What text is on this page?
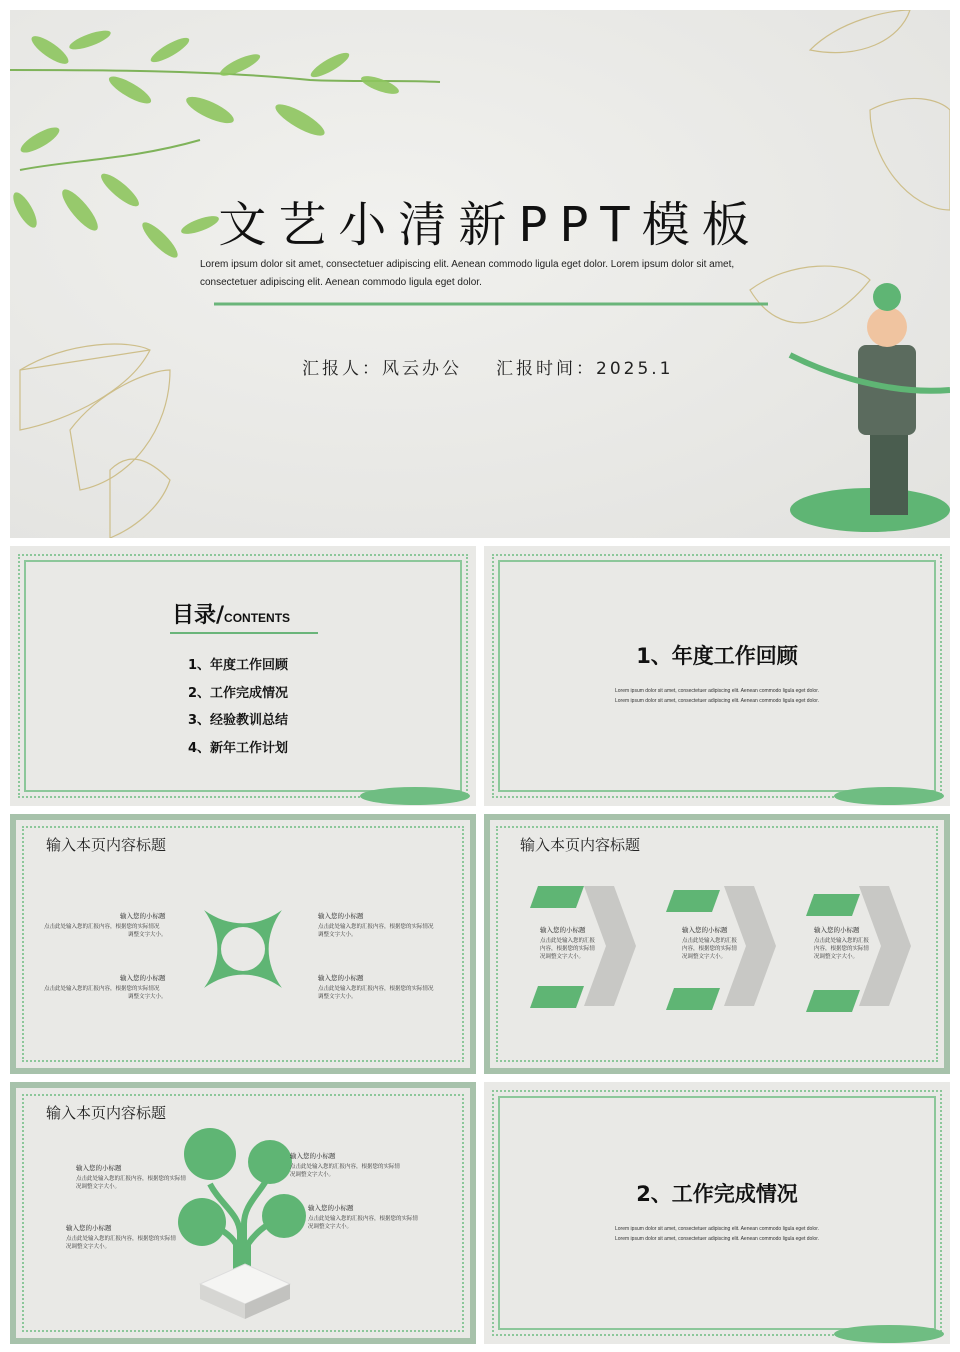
文艺小清新PPT模板
Lorem ipsum dolor sit amet, consectetuer adipiscing elit. Aenean commodo ligula eget dolor. Lorem ipsum dolor sit amet,
consectetuer adipiscing elit. Aenean commodo ligula eget dolor.
汇报人：风云办公 汇报时间：2025.1
目录/CONTENTS
1、年度工作回顾
2、工作完成情况
3、经验教训总结
4、新年工作计划
1、年度工作回顾
Lorem ipsum dolor sit amet, consectetuer adipiscing elit. Aenean commodo ligula eget dolor.
Lorem ipsum dolor sit amet, consectetuer adipiscing elit. Aenean commodo ligula eget dolor.
输入本页内容标题
输入您的小标题
点击此处输入您的汇报内容，根据您的实际情况
调整文字大小。
输入您的小标题
点击此处输入您的汇报内容，根据您的实际情况
调整文字大小。
输入您的小标题
点击此处输入您的汇报内容，根据您的实际情况
调整文字大小。
输入您的小标题
点击此处输入您的汇报内容，根据您的实际情况
调整文字大小。
输入本页内容标题
输入您的小标题
点击此处输入您的汇报
内容，根据您的实际情
况调整文字大小。
输入您的小标题
点击此处输入您的汇报
内容，根据您的实际情
况调整文字大小。
输入您的小标题
点击此处输入您的汇报
内容，根据您的实际情
况调整文字大小。
输入本页内容标题
输入您的小标题
点击此处输入您的汇报内容，根据您的实际情
况调整文字大小。
输入您的小标题
点击此处输入您的汇报内容，根据您的实际情
况调整文字大小。
输入您的小标题
点击此处输入您的汇报内容，根据您的实际情
况调整文字大小。
输入您的小标题
点击此处输入您的汇报内容，根据您的实际情
况调整文字大小。
2、工作完成情况
Lorem ipsum dolor sit amet, consectetuer adipiscing elit. Aenean commodo ligula eget dolor.
Lorem ipsum dolor sit amet, consectetuer adipiscing elit. Aenean commodo ligula eget dolor.
